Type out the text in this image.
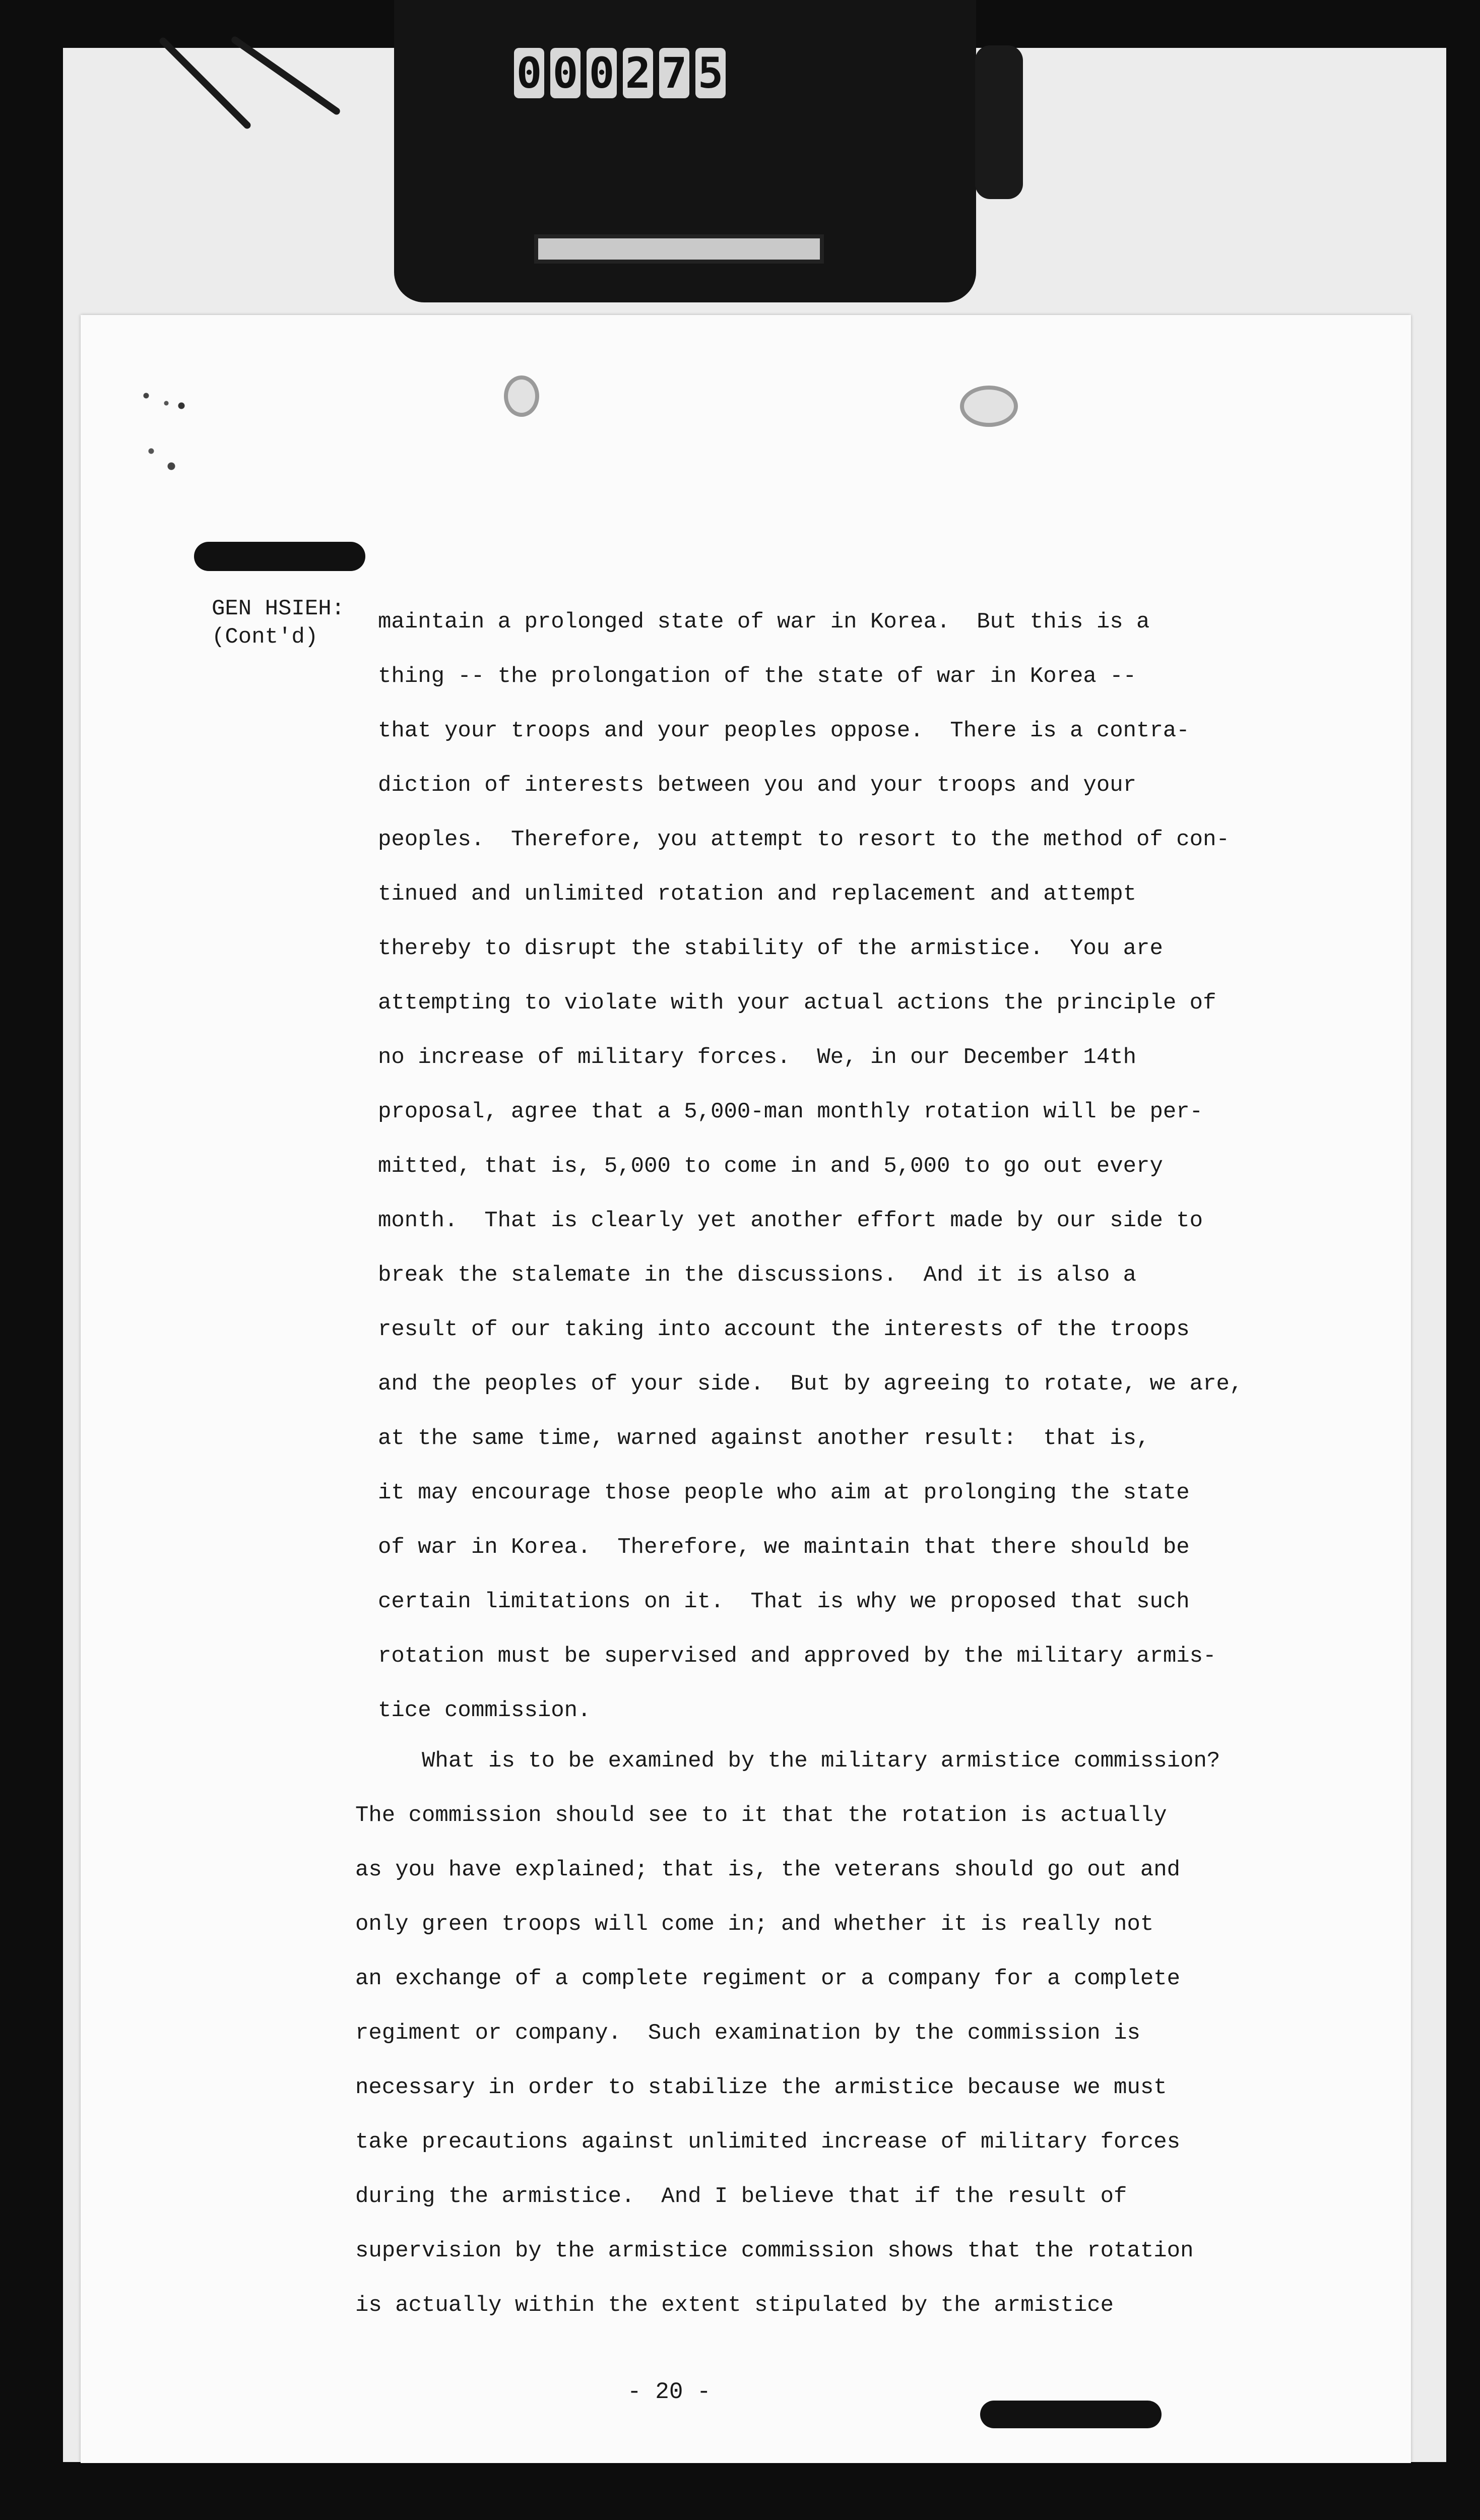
0 0 0 2 7 5
GEN HSIEH:
(Cont'd)
maintain a prolonged state of war in Korea.  But this is a
thing -- the prolongation of the state of war in Korea --
that your troops and your peoples oppose.  There is a contra-
diction of interests between you and your troops and your
peoples.  Therefore, you attempt to resort to the method of con-
tinued and unlimited rotation and replacement and attempt
thereby to disrupt the stability of the armistice.  You are
attempting to violate with your actual actions the principle of
no increase of military forces.  We, in our December 14th
proposal, agree that a 5,000-man monthly rotation will be per-
mitted, that is, 5,000 to come in and 5,000 to go out every
month.  That is clearly yet another effort made by our side to
break the stalemate in the discussions.  And it is also a
result of our taking into account the interests of the troops
and the peoples of your side.  But by agreeing to rotate, we are,
at the same time, warned against another result:  that is,
it may encourage those people who aim at prolonging the state
of war in Korea.  Therefore, we maintain that there should be
certain limitations on it.  That is why we proposed that such
rotation must be supervised and approved by the military armis-
tice commission.
What is to be examined by the military armistice commission?
The commission should see to it that the rotation is actually
as you have explained; that is, the veterans should go out and
only green troops will come in; and whether it is really not
an exchange of a complete regiment or a company for a complete
regiment or company.  Such examination by the commission is
necessary in order to stabilize the armistice because we must
take precautions against unlimited increase of military forces
during the armistice.  And I believe that if the result of
supervision by the armistice commission shows that the rotation
is actually within the extent stipulated by the armistice
- 20 -
